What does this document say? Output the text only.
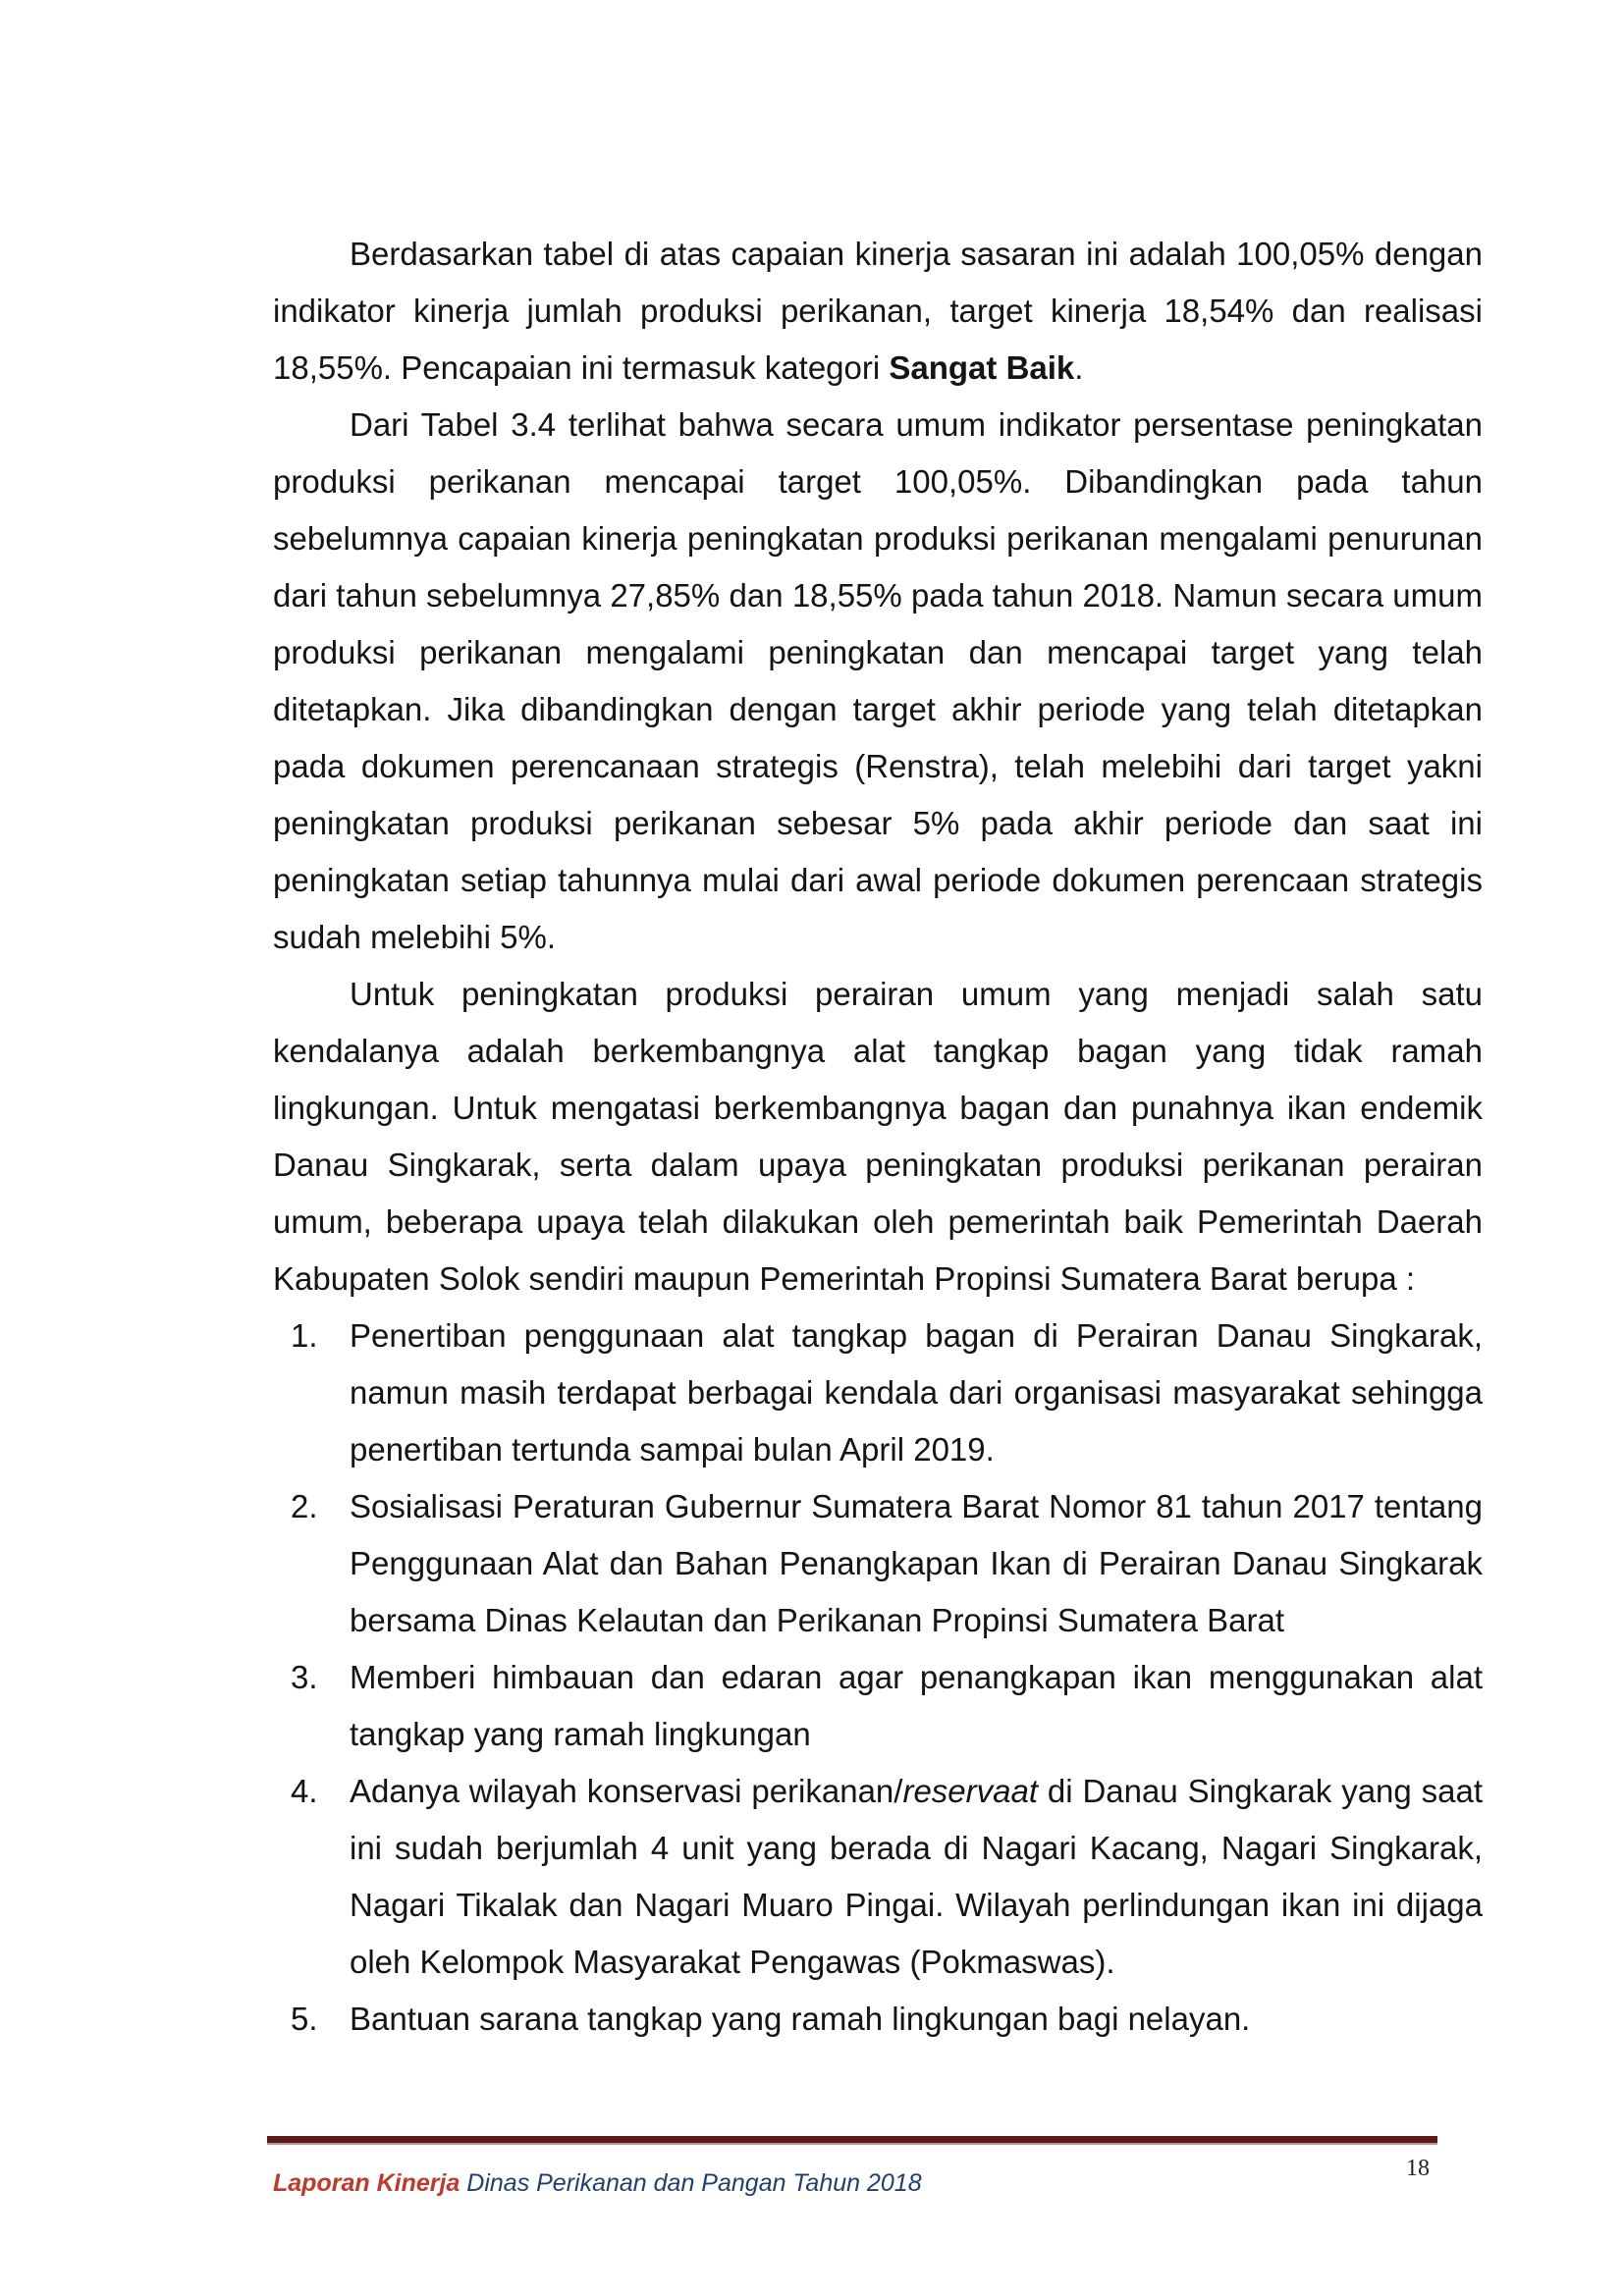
Berdasarkan tabel di atas capaian kinerja sasaran ini adalah 100,05% dengan indikator kinerja jumlah produksi perikanan, target kinerja 18,54% dan realisasi 18,55%. Pencapaian ini termasuk kategori Sangat Baik.

Dari Tabel 3.4 terlihat bahwa secara umum indikator persentase peningkatan produksi perikanan mencapai target 100,05%. Dibandingkan pada tahun sebelumnya capaian kinerja peningkatan produksi perikanan mengalami penurunan dari tahun sebelumnya 27,85% dan 18,55% pada tahun 2018. Namun secara umum produksi perikanan mengalami peningkatan dan mencapai target yang telah ditetapkan. Jika dibandingkan dengan target akhir periode yang telah ditetapkan pada dokumen perencanaan strategis (Renstra), telah melebihi dari target yakni peningkatan produksi perikanan sebesar 5% pada akhir periode dan saat ini peningkatan setiap tahunnya mulai dari awal periode dokumen perencaan strategis sudah melebihi 5%.

Untuk peningkatan produksi perairan umum yang menjadi salah satu kendalanya adalah berkembangnya alat tangkap bagan yang tidak ramah lingkungan. Untuk mengatasi berkembangnya bagan dan punahnya ikan endemik Danau Singkarak, serta dalam upaya peningkatan produksi perikanan perairan umum, beberapa upaya telah dilakukan oleh pemerintah baik Pemerintah Daerah Kabupaten Solok sendiri maupun Pemerintah Propinsi Sumatera Barat berupa :

1. Penertiban penggunaan alat tangkap bagan di Perairan Danau Singkarak, namun masih terdapat berbagai kendala dari organisasi masyarakat sehingga penertiban tertunda sampai bulan April 2019.
2. Sosialisasi Peraturan Gubernur Sumatera Barat Nomor 81 tahun 2017 tentang Penggunaan Alat dan Bahan Penangkapan Ikan di Perairan Danau Singkarak bersama Dinas Kelautan dan Perikanan Propinsi Sumatera Barat
3. Memberi himbauan dan edaran agar penangkapan ikan menggunakan alat tangkap yang ramah lingkungan
4. Adanya wilayah konservasi perikanan/reservaat di Danau Singkarak yang saat ini sudah berjumlah 4 unit yang berada di Nagari Kacang, Nagari Singkarak, Nagari Tikalak dan Nagari Muaro Pingai. Wilayah perlindungan ikan ini dijaga oleh Kelompok Masyarakat Pengawas (Pokmaswas).
5. Bantuan sarana tangkap yang ramah lingkungan bagi nelayan.
Laporan Kinerja Dinas Perikanan dan Pangan Tahun 2018
18
